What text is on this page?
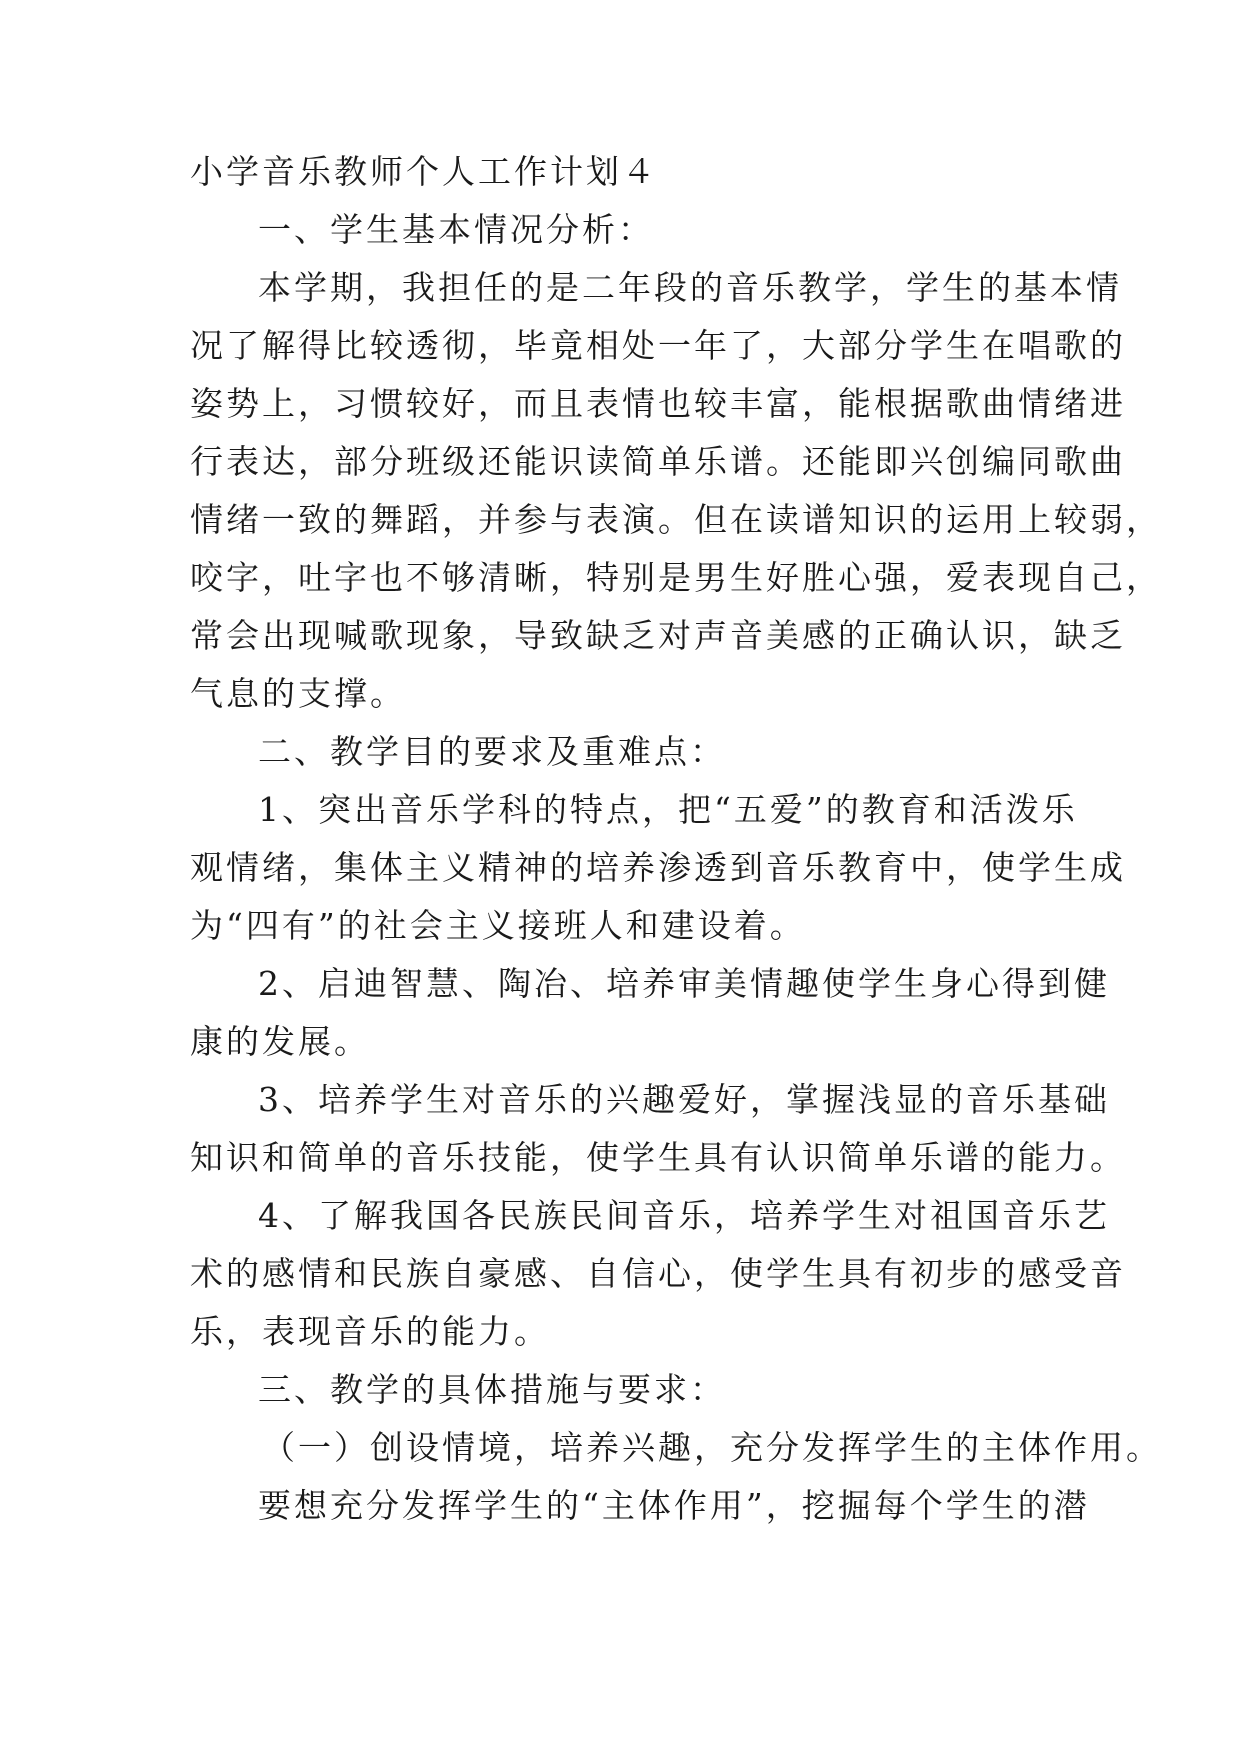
小学音乐教师个人工作计划４
一、学生基本情况分析：
本学期，我担任的是二年段的音乐教学，学生的基本情
况了解得比较透彻，毕竟相处一年了，大部分学生在唱歌的
姿势上，习惯较好，而且表情也较丰富，能根据歌曲情绪进
行表达，部分班级还能识读简单乐谱。还能即兴创编同歌曲
情绪一致的舞蹈，并参与表演。但在读谱知识的运用上较弱，
咬字，吐字也不够清晰，特别是男生好胜心强，爱表现自己，
常会出现喊歌现象，导致缺乏对声音美感的正确认识，缺乏
气息的支撑。
二、教学目的要求及重难点：
1、突出音乐学科的特点，把“五爱”的教育和活泼乐
观情绪，集体主义精神的培养渗透到音乐教育中，使学生成
为“四有”的社会主义接班人和建设着。
2、启迪智慧、陶冶、培养审美情趣使学生身心得到健
康的发展。
3、培养学生对音乐的兴趣爱好，掌握浅显的音乐基础
知识和简单的音乐技能，使学生具有认识简单乐谱的能力。
4、了解我国各民族民间音乐，培养学生对祖国音乐艺
术的感情和民族自豪感、自信心，使学生具有初步的感受音
乐，表现音乐的能力。
三、教学的具体措施与要求：
（一）创设情境，培养兴趣，充分发挥学生的主体作用。
要想充分发挥学生的“主体作用”，挖掘每个学生的潜
